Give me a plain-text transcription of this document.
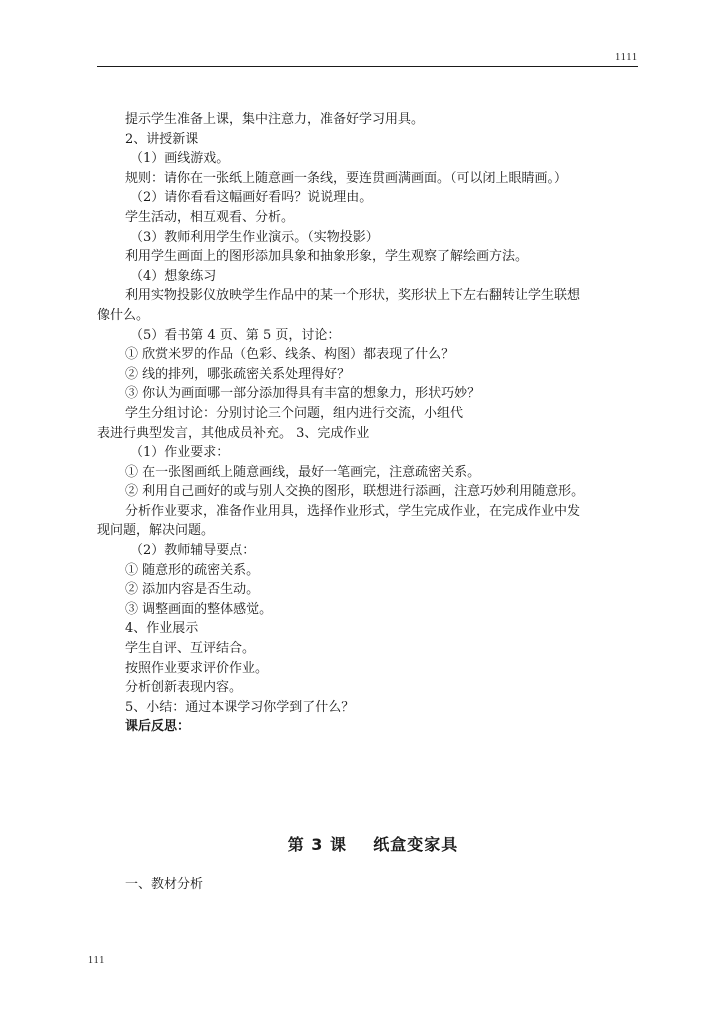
1111
提示学生准备上课，集中注意力，准备好学习用具。
2、讲授新课
（1）画线游戏。
规则：请你在一张纸上随意画一条线，要连贯画满画面。（可以闭上眼睛画。）
（2）请你看看这幅画好看吗？说说理由。
学生活动，相互观看、分析。
（3）教师利用学生作业演示。（实物投影）
利用学生画面上的图形添加具象和抽象形象，学生观察了解绘画方法。
（4）想象练习
利用实物投影仪放映学生作品中的某一个形状，奖形状上下左右翻转让学生联想
像什么。
（5）看书第 4 页、第 5 页，讨论：
① 欣赏米罗的作品（色彩、线条、构图）都表现了什么？
② 线的排列，哪张疏密关系处理得好？
③ 你认为画面哪一部分添加得具有丰富的想象力，形状巧妙？
学生分组讨论：分别讨论三个问题，组内进行交流，小组代
表进行典型发言，其他成员补充。 3、完成作业
（1）作业要求：
① 在一张图画纸上随意画线，最好一笔画完，注意疏密关系。
② 利用自己画好的或与别人交换的图形，联想进行添画，注意巧妙利用随意形。
分析作业要求，准备作业用具，选择作业形式，学生完成作业，在完成作业中发
现问题，解决问题。
（2）教师辅导要点：
① 随意形的疏密关系。
② 添加内容是否生动。
③ 调整画面的整体感觉。
4、作业展示
学生自评、互评结合。
按照作业要求评价作业。
分析创新表现内容。
5、小结：通过本课学习你学到了什么？
课后反思：
第 3 课    纸盒变家具
一、教材分析
111
